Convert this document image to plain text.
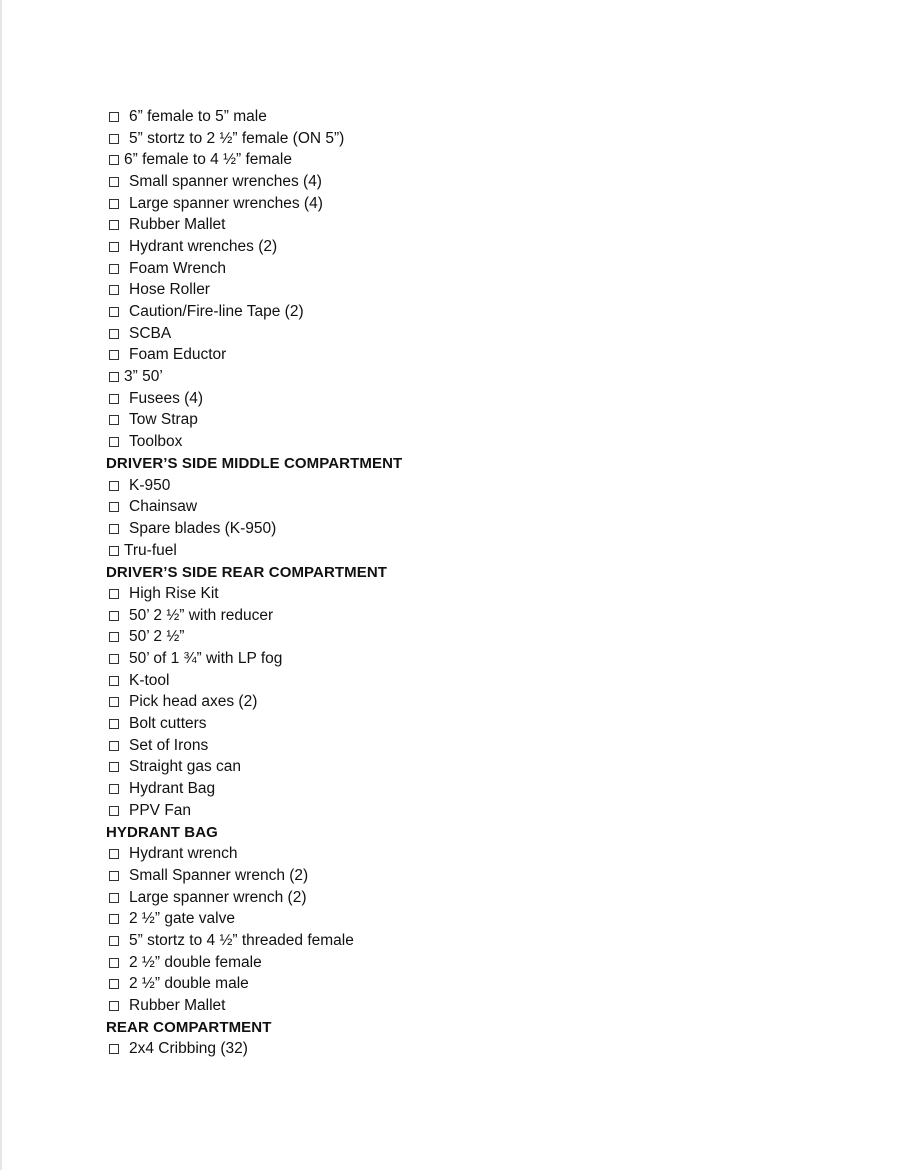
6” female to 5” male
5” stortz to 2 ½” female (ON 5”)
6” female to 4 ½” female
Small spanner wrenches (4)
Large spanner wrenches (4)
Rubber Mallet
Hydrant wrenches (2)
Foam Wrench
Hose Roller
Caution/Fire-line Tape (2)
SCBA
Foam Eductor
3” 50’
Fusees (4)
Tow Strap
Toolbox
DRIVER’S SIDE MIDDLE COMPARTMENT
K-950
Chainsaw
Spare blades (K-950)
Tru-fuel
DRIVER’S SIDE REAR COMPARTMENT
High Rise Kit
50’ 2 ½” with reducer
50’ 2 ½”
50’ of 1 ¾” with LP fog
K-tool
Pick head axes (2)
Bolt cutters
Set of Irons
Straight gas can
Hydrant Bag
PPV Fan
HYDRANT BAG
Hydrant wrench
Small Spanner wrench (2)
Large spanner wrench (2)
2 ½” gate valve
5” stortz to 4 ½” threaded female
2 ½” double female
2 ½” double male
Rubber Mallet
REAR COMPARTMENT
2x4 Cribbing (32)
